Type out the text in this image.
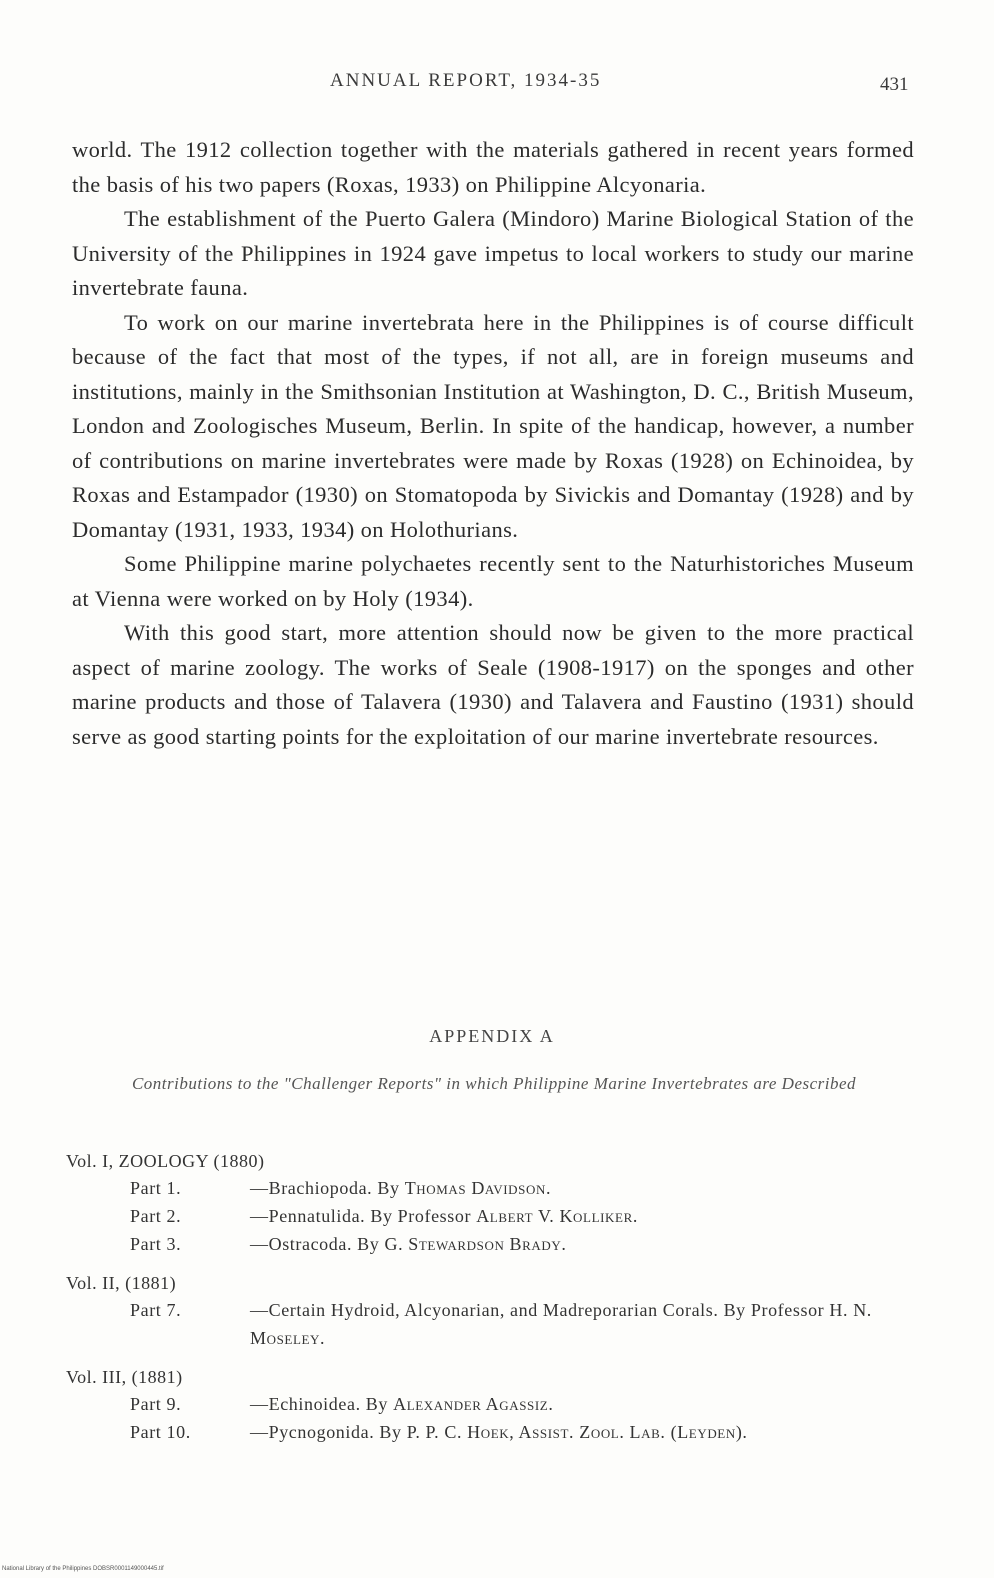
ANNUAL REPORT, 1934-35	431

world. The 1912 collection together with the materials gathered in recent years formed the basis of his two papers (Roxas, 1933) on Philippine Alcyonaria.

The establishment of the Puerto Galera (Mindoro) Marine Biological Station of the University of the Philippines in 1924 gave impetus to local workers to study our marine invertebrate fauna.

To work on our marine invertebrata here in the Philippines is of course difficult because of the fact that most of the types, if not all, are in foreign museums and institutions, mainly in the Smithsonian Institution at Washington, D. C., British Museum, London and Zoologisches Museum, Berlin. In spite of the handicap, however, a number of contributions on marine invertebrates were made by Roxas (1928) on Echinoidea, by Roxas and Estampador (1930) on Stomatopoda by Sivickis and Domantay (1928) and by Domantay (1931, 1933, 1934) on Holothurians.

Some Philippine marine polychaetes recently sent to the Naturhistoriches Museum at Vienna were worked on by Holy (1934).

With this good start, more attention should now be given to the more practical aspect of marine zoology. The works of Seale (1908-1917) on the sponges and other marine products and those of Talavera (1930) and Talavera and Faustino (1931) should serve as good starting points for the exploitation of our marine invertebrate resources.

APPENDIX A
Contributions to the "Challenger Reports" in which Philippine Marine Invertebrates are Described

Vol. I, ZOOLOGY (1880)

Part 1.	—Brachiopoda. By Thomas Davidson.

Part 2.	—Pennatulida. By Professor Albert V. Kolliker.

Part 3.	—Ostracoda. By G. Stewardson Brady.

Vol. II, (1881)

Part 7.	—Certain Hydroid, Alcyonarian, and Madreporarian Corals. By Professor H. N. Moseley.

Vol. III, (1881)

Part 9.	—Echinoidea. By Alexander Agassiz.

Part 10.	—Pycnogonida. By P. P. C. Hoek, Assist. Zool. Lab. (Leyden).

National Library of the Philippines DOBSR0001149000445.tif
